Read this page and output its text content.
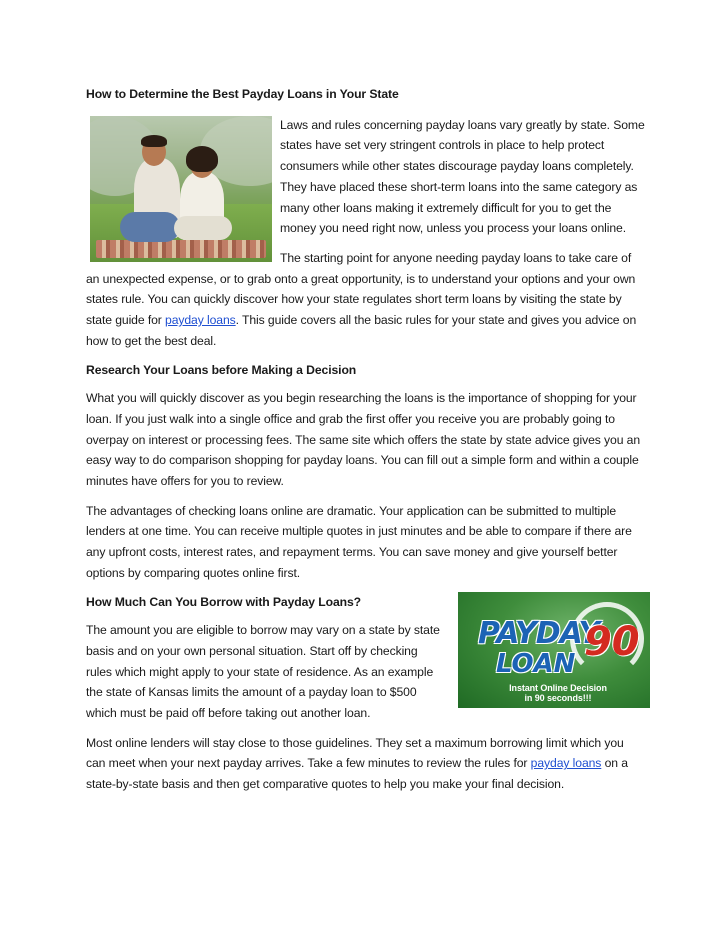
How to Determine the Best Payday Loans in Your State

Laws and rules concerning payday loans vary greatly by state. Some states have set very stringent controls in place to help protect consumers while other states discourage payday loans completely. They have placed these short-term loans into the same category as many other loans making it extremely difficult for you to get the money you need right now, unless you process your loans online.

The starting point for anyone needing payday loans to take care of an unexpected expense, or to grab onto a great opportunity, is to understand your options and your own states rule. You can quickly discover how your state regulates short term loans by visiting the state by state guide for payday loans. This guide covers all the basic rules for your state and gives you advice on how to get the best deal.

Research Your Loans before Making a Decision

What you will quickly discover as you begin researching the loans is the importance of shopping for your loan. If you just walk into a single office and grab the first offer you receive you are probably going to overpay on interest or processing fees. The same site which offers the state by state advice gives you an easy way to do comparison shopping for payday loans. You can fill out a simple form and within a couple minutes have offers for you to review.

The advantages of checking loans online are dramatic. Your application can be submitted to multiple lenders at one time. You can receive multiple quotes in just minutes and be able to compare if there are any upfront costs, interest rates, and repayment terms. You can save money and give yourself better options by comparing quotes online first.

PAYDAY
LOAN 90
Instant Online Decision
in 90 seconds!!!
How Much Can You Borrow with Payday Loans?

The amount you are eligible to borrow may vary on a state by state basis and on your own personal situation. Start off by checking rules which might apply to your state of residence. As an example the state of Kansas limits the amount of a payday loan to $500 which must be paid off before taking out another loan.

Most online lenders will stay close to those guidelines. They set a maximum borrowing limit which you can meet when your next payday arrives. Take a few minutes to review the rules for payday loans on a state-by-state basis and then get comparative quotes to help you make your final decision.
